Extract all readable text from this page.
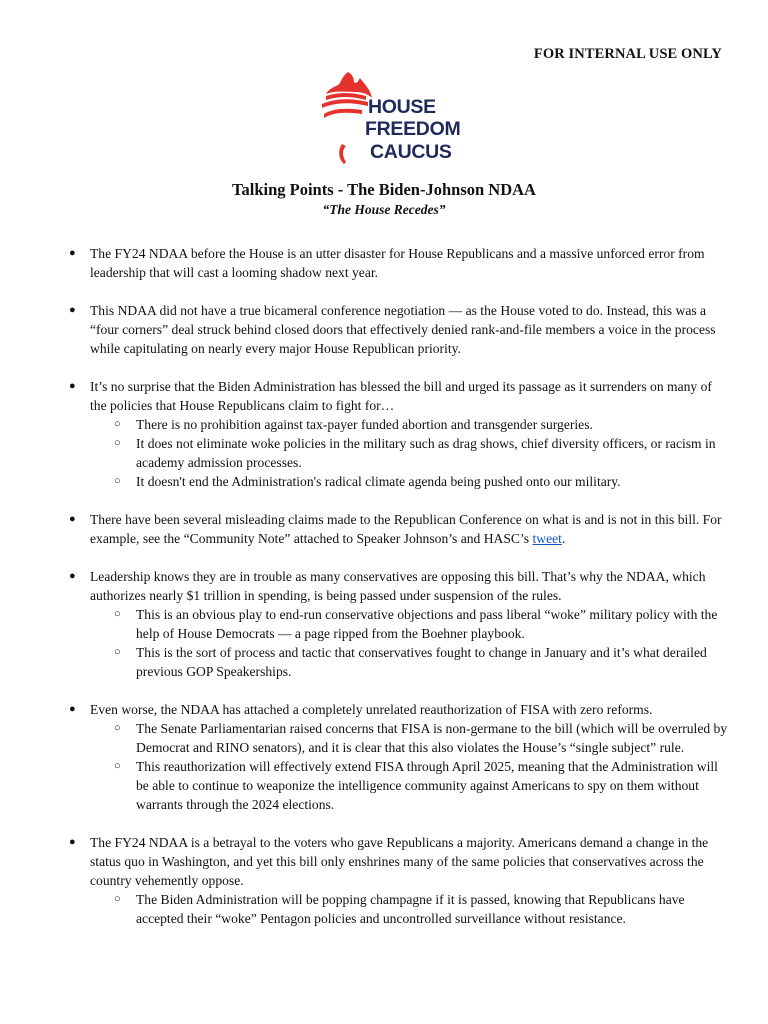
FOR INTERNAL USE ONLY
HOUSE
FREEDOM
CAUCUS
Talking Points - The Biden-Johnson NDAA
“The House Recedes”
● The FY24 NDAA before the House is an utter disaster for House Republicans and a massive unforced error from leadership that will cast a looming shadow next year.
● This NDAA did not have a true bicameral conference negotiation — as the House voted to do. Instead, this was a “four corners” deal struck behind closed doors that effectively denied rank-and-file members a voice in the process while capitulating on nearly every major House Republican priority.
● It’s no surprise that the Biden Administration has blessed the bill and urged its passage as it surrenders on many of the policies that House Republicans claim to fight for…
○ There is no prohibition against tax-payer funded abortion and transgender surgeries.
○ It does not eliminate woke policies in the military such as drag shows, chief diversity officers, or racism in academy admission processes.
○ It doesn't end the Administration's radical climate agenda being pushed onto our military.
● There have been several misleading claims made to the Republican Conference on what is and is not in this bill. For example, see the “Community Note” attached to Speaker Johnson’s and HASC’s tweet.
● Leadership knows they are in trouble as many conservatives are opposing this bill. That’s why the NDAA, which authorizes nearly $1 trillion in spending, is being passed under suspension of the rules.
○ This is an obvious play to end-run conservative objections and pass liberal “woke” military policy with the help of House Democrats — a page ripped from the Boehner playbook.
○ This is the sort of process and tactic that conservatives fought to change in January and it’s what derailed previous GOP Speakerships.
● Even worse, the NDAA has attached a completely unrelated reauthorization of FISA with zero reforms.
○ The Senate Parliamentarian raised concerns that FISA is non-germane to the bill (which will be overruled by Democrat and RINO senators), and it is clear that this also violates the House’s “single subject” rule.
○ This reauthorization will effectively extend FISA through April 2025, meaning that the Administration will be able to continue to weaponize the intelligence community against Americans to spy on them without warrants through the 2024 elections.
● The FY24 NDAA is a betrayal to the voters who gave Republicans a majority. Americans demand a change in the status quo in Washington, and yet this bill only enshrines many of the same policies that conservatives across the country vehemently oppose.
○ The Biden Administration will be popping champagne if it is passed, knowing that Republicans have accepted their “woke” Pentagon policies and uncontrolled surveillance without resistance.
